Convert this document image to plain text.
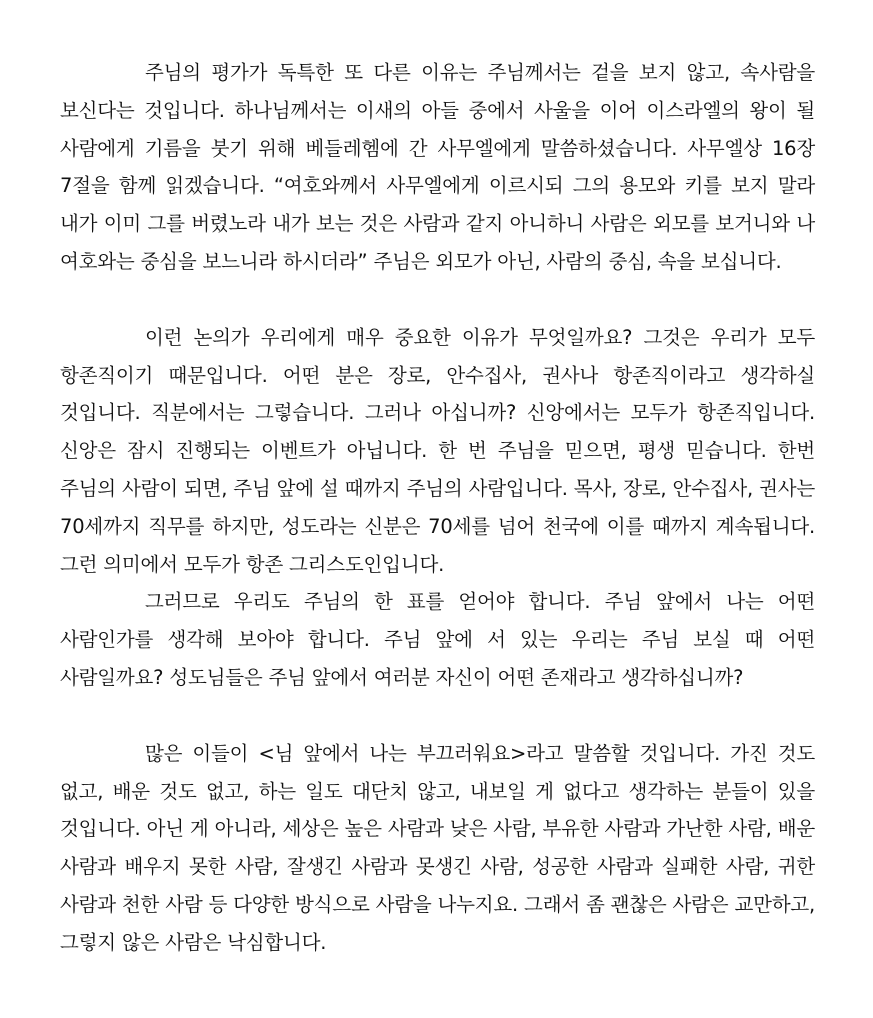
주님의 평가가 독특한 또 다른 이유는 주님께서는 겉을 보지 않고, 속사람을 보신다는 것입니다. 하나님께서는 이새의 아들 중에서 사울을 이어 이스라엘의 왕이 될 사람에게 기름을 붓기 위해 베들레헴에 간 사무엘에게 말씀하셨습니다. 사무엘상 16장 7절을 함께 읽겠습니다. “여호와께서 사무엘에게 이르시되 그의 용모와 키를 보지 말라 내가 이미 그를 버렸노라 내가 보는 것은 사람과 같지 아니하니 사람은 외모를 보거니와 나 여호와는 중심을 보느니라 하시더라” 주님은 외모가 아닌, 사람의 중심, 속을 보십니다.

이런 논의가 우리에게 매우 중요한 이유가 무엇일까요? 그것은 우리가 모두 항존직이기 때문입니다. 어떤 분은 장로, 안수집사, 권사나 항존직이라고 생각하실 것입니다. 직분에서는 그렇습니다. 그러나 아십니까? 신앙에서는 모두가 항존직입니다. 신앙은 잠시 진행되는 이벤트가 아닙니다. 한 번 주님을 믿으면, 평생 믿습니다. 한번 주님의 사람이 되면, 주님 앞에 설 때까지 주님의 사람입니다. 목사, 장로, 안수집사, 권사는 70세까지 직무를 하지만, 성도라는 신분은 70세를 넘어 천국에 이를 때까지 계속됩니다. 그런 의미에서 모두가 항존 그리스도인입니다.

그러므로 우리도 주님의 한 표를 얻어야 합니다. 주님 앞에서 나는 어떤 사람인가를 생각해 보아야 합니다. 주님 앞에 서 있는 우리는 주님 보실 때 어떤 사람일까요? 성도님들은 주님 앞에서 여러분 자신이 어떤 존재라고 생각하십니까?

많은 이들이 <님 앞에서 나는 부끄러워요>라고 말씀할 것입니다. 가진 것도 없고, 배운 것도 없고, 하는 일도 대단치 않고, 내보일 게 없다고 생각하는 분들이 있을 것입니다. 아닌 게 아니라, 세상은 높은 사람과 낮은 사람, 부유한 사람과 가난한 사람, 배운 사람과 배우지 못한 사람, 잘생긴 사람과 못생긴 사람, 성공한 사람과 실패한 사람, 귀한 사람과 천한 사람 등 다양한 방식으로 사람을 나누지요. 그래서 좀 괜찮은 사람은 교만하고, 그렇지 않은 사람은 낙심합니다.
